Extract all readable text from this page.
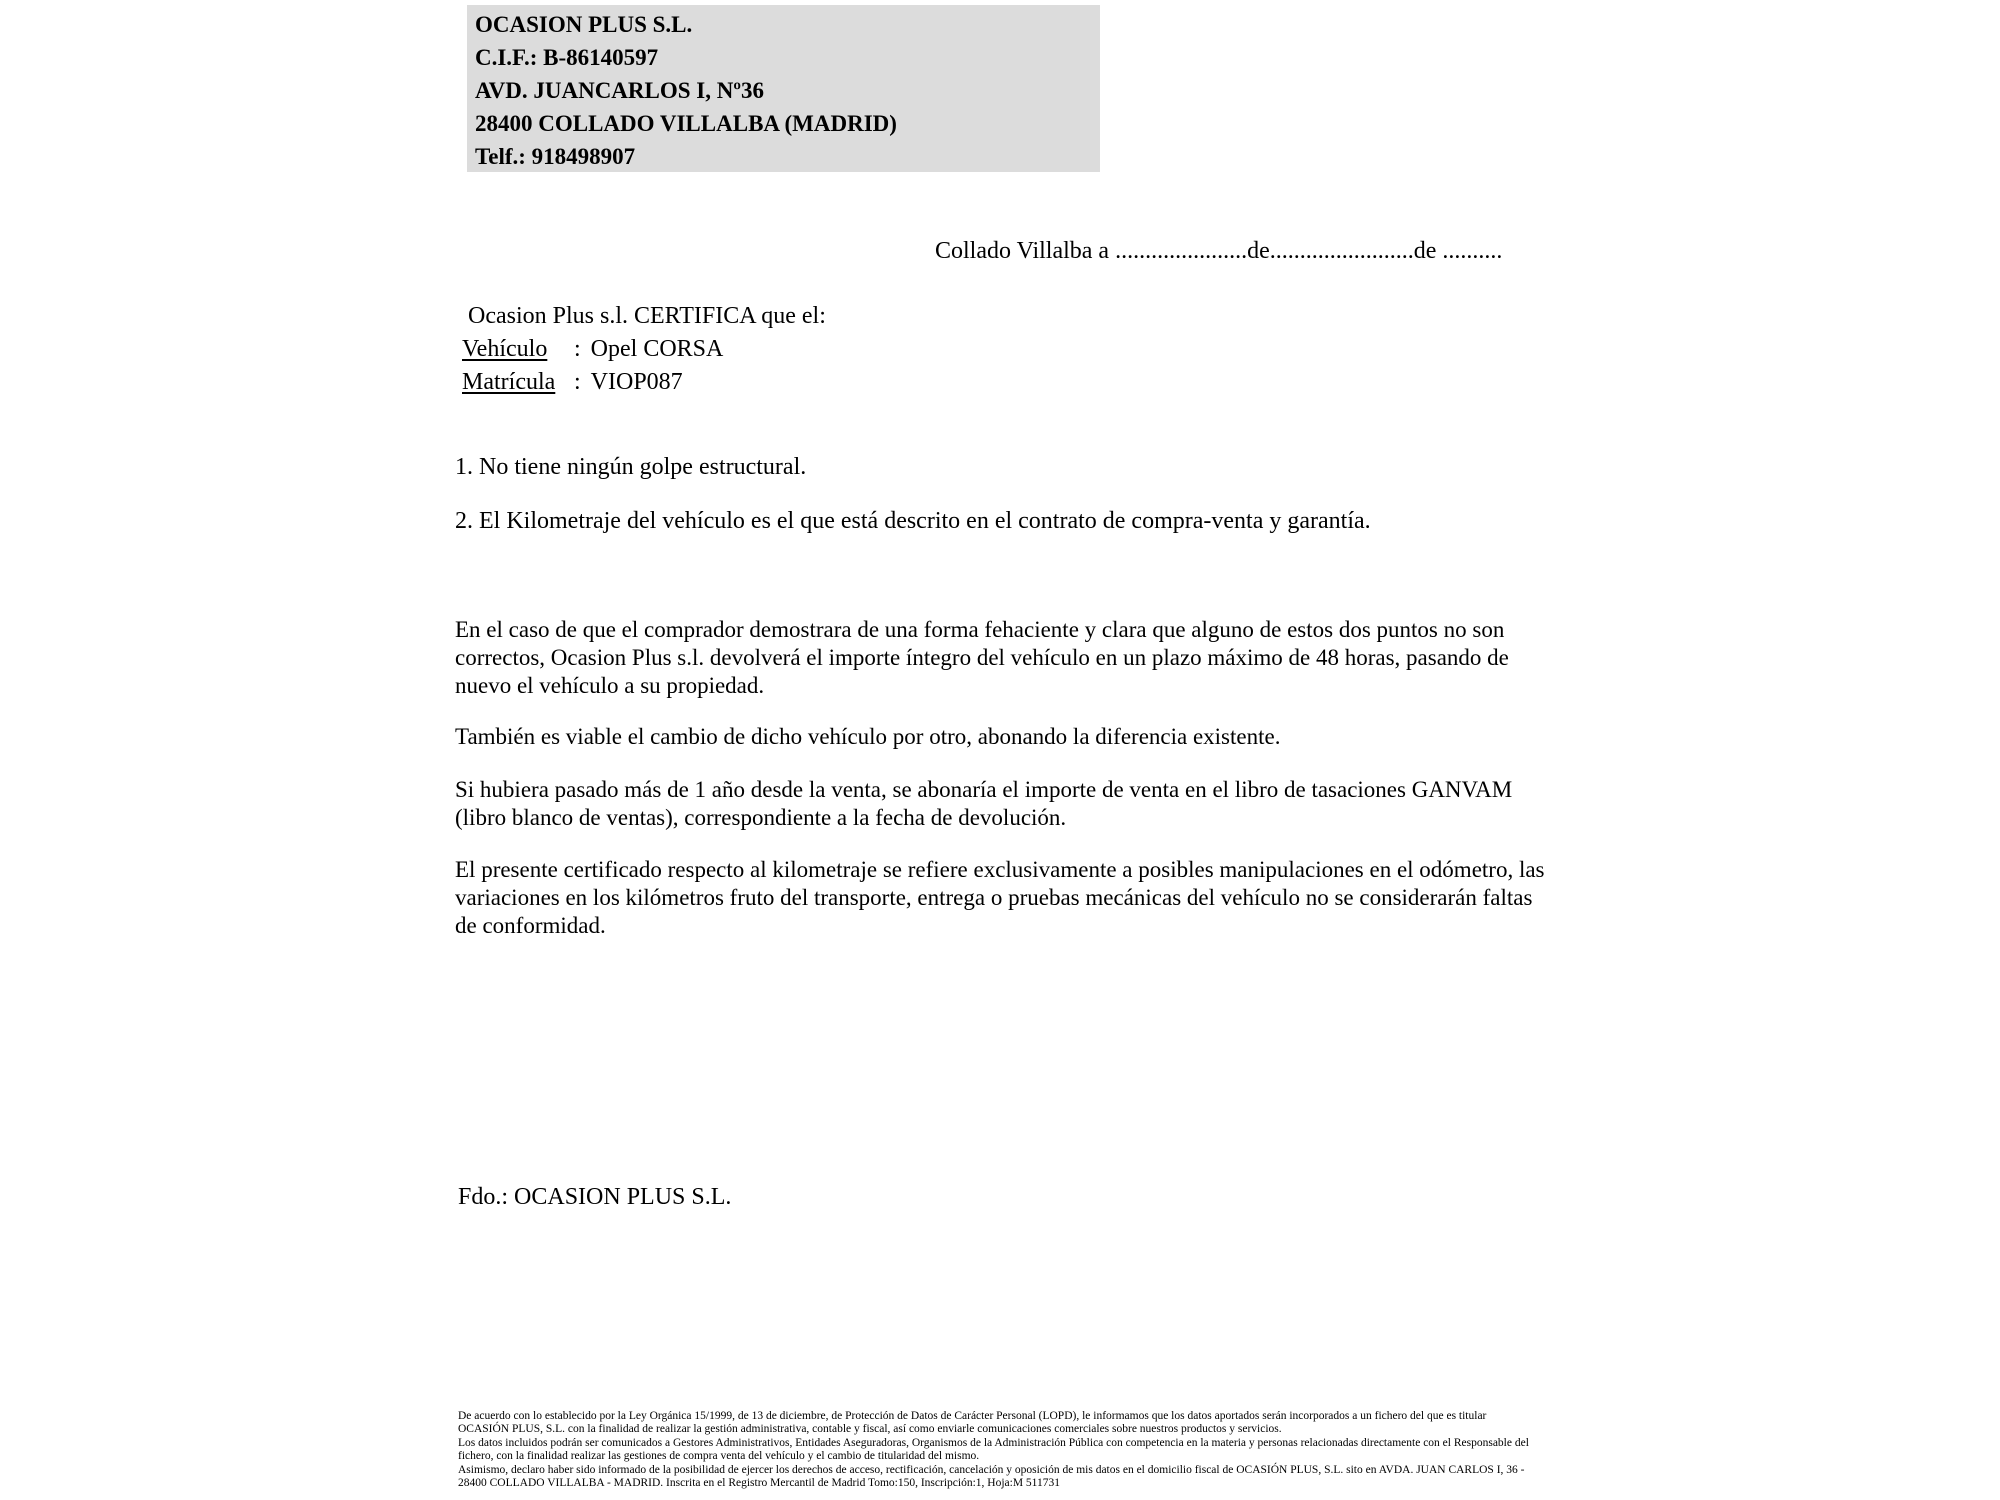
OCASION PLUS S.L.
C.I.F.: B-86140597
AVD. JUANCARLOS I, Nº36
28400 COLLADO VILLALBA (MADRID)
Telf.: 918498907
Collado Villalba a ......................de........................de ..........
Ocasion Plus s.l. CERTIFICA que el:
Vehículo : Opel CORSA
Matrícula : VIOP087
1. No tiene ningún golpe estructural.
2. El Kilometraje del vehículo es el que está descrito en el contrato de compra-venta y garantía.
En el caso de que el comprador demostrara de una forma fehaciente y clara que alguno de estos dos puntos no son correctos, Ocasion Plus s.l. devolverá el importe íntegro del vehículo en un plazo máximo de 48 horas, pasando de nuevo el vehículo a su propiedad.
También es viable el cambio de dicho vehículo por otro, abonando la diferencia existente.
Si hubiera pasado más de 1 año desde la venta, se abonaría el importe de venta en el libro de tasaciones GANVAM (libro blanco de ventas), correspondiente a la fecha de devolución.
El presente certificado respecto al kilometraje se refiere exclusivamente a posibles manipulaciones en el odómetro, las variaciones en los kilómetros fruto del transporte, entrega o pruebas mecánicas del vehículo no se considerarán faltas de conformidad.
Fdo.: OCASION PLUS S.L.
De acuerdo con lo establecido por la Ley Orgánica 15/1999, de 13 de diciembre, de Protección de Datos de Carácter Personal (LOPD), le informamos que los datos aportados serán incorporados a un fichero del que es titular OCASIÓN PLUS, S.L. con la finalidad de realizar la gestión administrativa, contable y fiscal, así como enviarle comunicaciones comerciales sobre nuestros productos y servicios.
Los datos incluidos podrán ser comunicados a Gestores Administrativos, Entidades Aseguradoras, Organismos de la Administración Pública con competencia en la materia y personas relacionadas directamente con el Responsable del fichero, con la finalidad realizar las gestiones de compra venta del vehículo y el cambio de titularidad del mismo.
Asimismo, declaro haber sido informado de la posibilidad de ejercer los derechos de acceso, rectificación, cancelación y oposición de mis datos en el domicilio fiscal de OCASIÓN PLUS, S.L. sito en AVDA. JUAN CARLOS I, 36 - 28400 COLLADO VILLALBA - MADRID. Inscrita en el Registro Mercantil de Madrid Tomo:150, Inscripción:1, Hoja:M 511731
